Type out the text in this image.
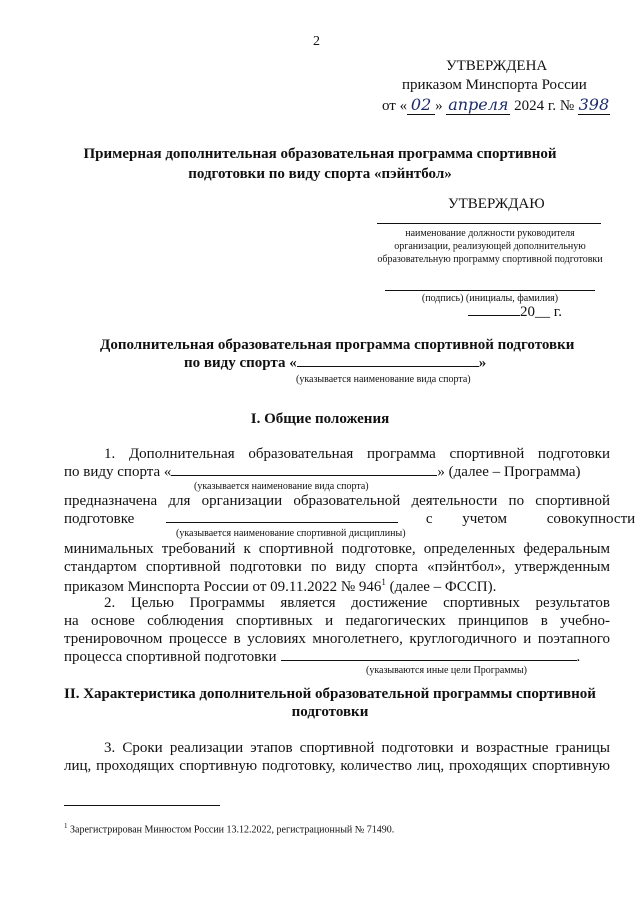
2
УТВЕРЖДЕНА
приказом Минспорта России
от « 02 » апреля 2024 г. № 398
Примерная дополнительная образовательная программа спортивной
подготовки по виду спорта «пэйнтбол»
УТВЕРЖДАЮ
наименование должности руководителя
организации, реализующей дополнительную
образовательную программу спортивной подготовки
(подпись) (инициалы, фамилия)
20__ г.
Дополнительная образовательная программа спортивной подготовки
по виду спорта «	»
(указывается наименование вида спорта)
I. Общие положения
1. Дополнительная образовательная программа спортивной подготовки
по виду спорта «	» (далее – Программа)
(указывается наименование вида спорта)
предназначена для организации образовательной деятельности по спортивной
подготовке	с учетом	совокупности
(указывается наименование спортивной дисциплины)
минимальных требований к спортивной подготовке, определенных федеральным
стандартом спортивной подготовки по виду спорта «пэйнтбол», утвержденным
приказом Минспорта России от 09.11.2022 № $946^1$ (далее – ФССП).
2. Целью Программы является достижение спортивных результатов
на основе соблюдения спортивных и педагогических принципов в учебно-
тренировочном процессе в условиях многолетнего, круглогодичного и поэтапного
процесса спортивной подготовки	.
(указываются иные цели Программы)
II. Характеристика дополнительной образовательной программы спортивной
подготовки
3. Сроки реализации этапов спортивной подготовки и возрастные границы
лиц, проходящих спортивную подготовку, количество лиц, проходящих спортивную
$^1$ Зарегистрирован Минюстом России 13.12.2022, регистрационный № 71490.
